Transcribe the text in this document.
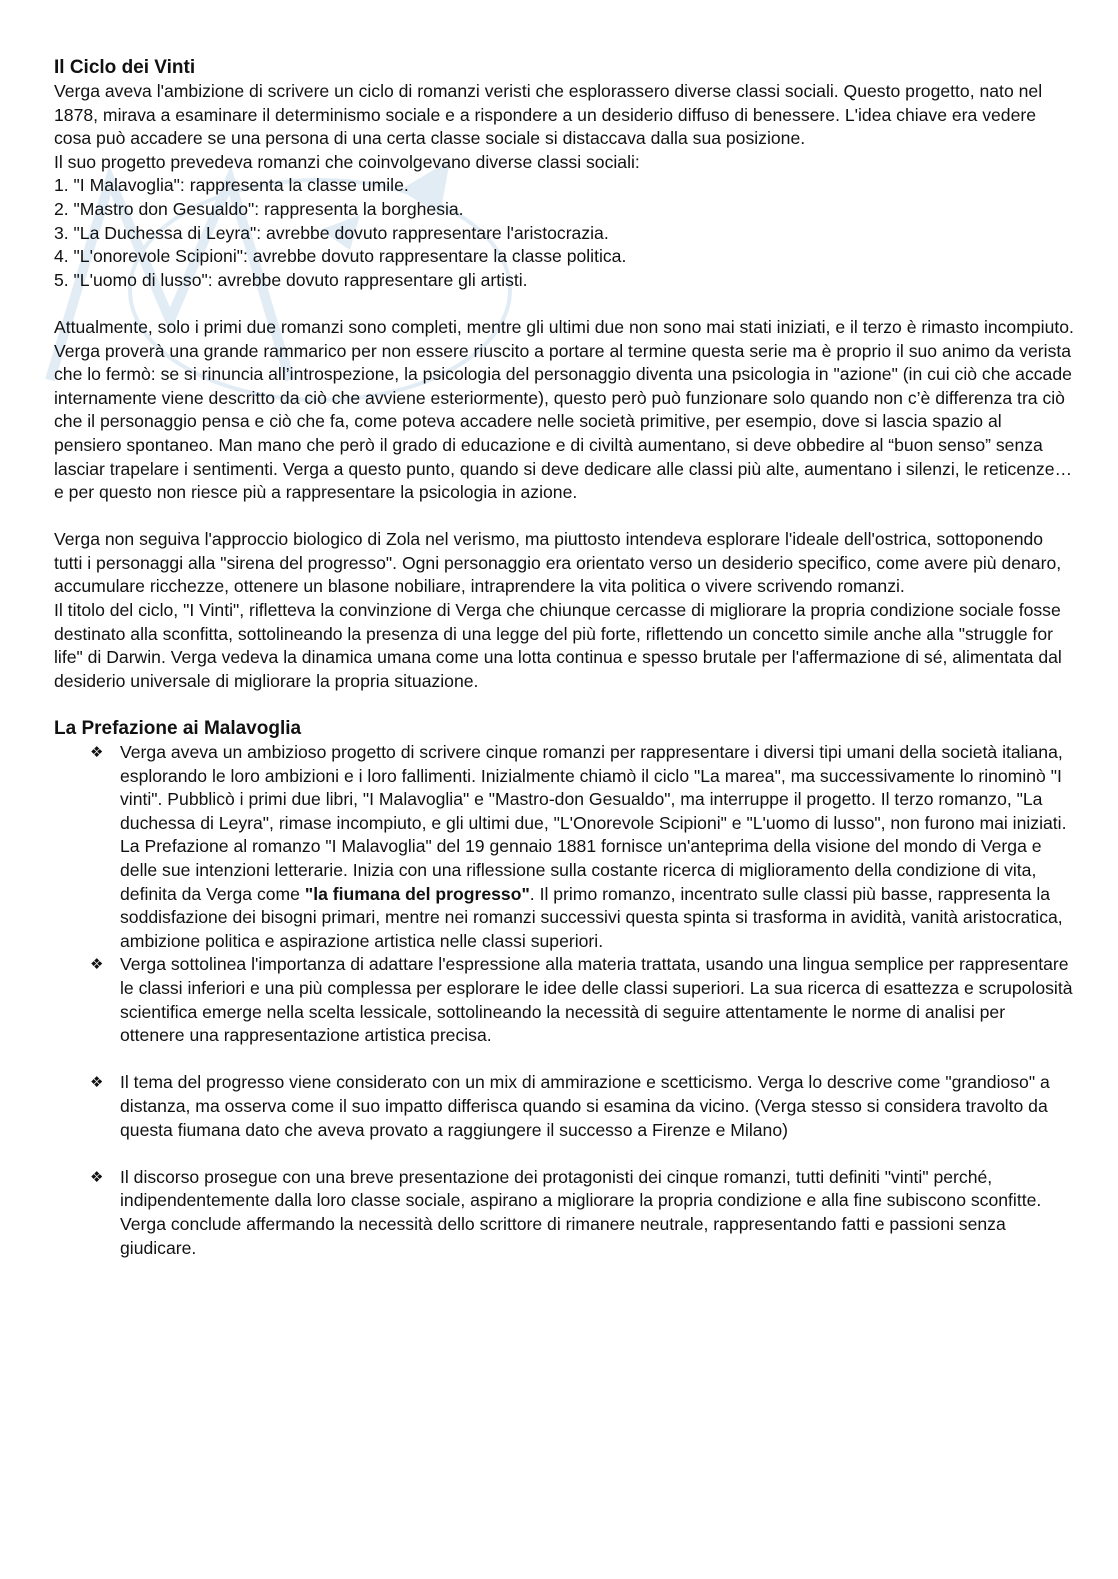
Il Ciclo dei Vinti

Verga aveva l'ambizione di scrivere un ciclo di romanzi veristi che esplorassero diverse classi sociali. Questo progetto, nato nel 1878, mirava a esaminare il determinismo sociale e a rispondere a un desiderio diffuso di benessere. L'idea chiave era vedere cosa può accadere se una persona di una certa classe sociale si distaccava dalla sua posizione.

Il suo progetto prevedeva romanzi che coinvolgevano diverse classi sociali:

1. "I Malavoglia": rappresenta la classe umile.
2. "Mastro don Gesualdo": rappresenta la borghesia.
3. "La Duchessa di Leyra": avrebbe dovuto rappresentare l'aristocrazia.
4. "L'onorevole Scipioni": avrebbe dovuto rappresentare la classe politica.
5. "L'uomo di lusso": avrebbe dovuto rappresentare gli artisti.

Attualmente, solo i primi due romanzi sono completi, mentre gli ultimi due non sono mai stati iniziati, e il terzo è rimasto incompiuto. Verga proverà una grande rammarico per non essere riuscito a portare al termine questa serie ma è proprio il suo animo da verista che lo fermò: se si rinuncia all’introspezione, la psicologia del personaggio diventa una psicologia in "azione" (in cui ciò che accade internamente viene descritto da ciò che avviene esteriormente), questo però può funzionare solo quando non c’è differenza tra ciò che il personaggio pensa e ciò che fa, come poteva accadere nelle società primitive, per esempio, dove si lascia spazio al pensiero spontaneo. Man mano che però il grado di educazione e di civiltà aumentano, si deve obbedire al “buon senso” senza lasciar trapelare i sentimenti. Verga a questo punto, quando si deve dedicare alle classi più alte, aumentano i silenzi, le reticenze… e per questo non riesce più a rappresentare la psicologia in azione.

Verga non seguiva l'approccio biologico di Zola nel verismo, ma piuttosto intendeva esplorare l'ideale dell'ostrica, sottoponendo tutti i personaggi alla "sirena del progresso". Ogni personaggio era orientato verso un desiderio specifico, come avere più denaro, accumulare ricchezze, ottenere un blasone nobiliare, intraprendere la vita politica o vivere scrivendo romanzi.

Il titolo del ciclo, "I Vinti", rifletteva la convinzione di Verga che chiunque cercasse di migliorare la propria condizione sociale fosse destinato alla sconfitta, sottolineando la presenza di una legge del più forte, riflettendo un concetto simile anche alla "struggle for life" di Darwin. Verga vedeva la dinamica umana come una lotta continua e spesso brutale per l'affermazione di sé, alimentata dal desiderio universale di migliorare la propria situazione.

La Prefazione ai Malavoglia
❖ Verga aveva un ambizioso progetto di scrivere cinque romanzi per rappresentare i diversi tipi umani della società italiana, esplorando le loro ambizioni e i loro fallimenti. Inizialmente chiamò il ciclo "La marea", ma successivamente lo rinominò "I vinti". Pubblicò i primi due libri, "I Malavoglia" e "Mastro-don Gesualdo", ma interruppe il progetto. Il terzo romanzo, "La duchessa di Leyra", rimase incompiuto, e gli ultimi due, "L'Onorevole Scipioni" e "L'uomo di lusso", non furono mai iniziati.

La Prefazione al romanzo "I Malavoglia" del 19 gennaio 1881 fornisce un'anteprima della visione del mondo di Verga e delle sue intenzioni letterarie. Inizia con una riflessione sulla costante ricerca di miglioramento della condizione di vita, definita da Verga come "la fiumana del progresso". Il primo romanzo, incentrato sulle classi più basse, rappresenta la soddisfazione dei bisogni primari, mentre nei romanzi successivi questa spinta si trasforma in avidità, vanità aristocratica, ambizione politica e aspirazione artistica nelle classi superiori.

❖ Verga sottolinea l'importanza di adattare l'espressione alla materia trattata, usando una lingua semplice per rappresentare le classi inferiori e una più complessa per esplorare le idee delle classi superiori. La sua ricerca di esattezza e scrupolosità scientifica emerge nella scelta lessicale, sottolineando la necessità di seguire attentamente le norme di analisi per ottenere una rappresentazione artistica precisa.

❖ Il tema del progresso viene considerato con un mix di ammirazione e scetticismo. Verga lo descrive come "grandioso" a distanza, ma osserva come il suo impatto differisca quando si esamina da vicino. (Verga stesso si considera travolto da questa fiumana dato che aveva provato a raggiungere il successo a Firenze e Milano)

❖ Il discorso prosegue con una breve presentazione dei protagonisti dei cinque romanzi, tutti definiti "vinti" perché, indipendentemente dalla loro classe sociale, aspirano a migliorare la propria condizione e alla fine subiscono sconfitte. Verga conclude affermando la necessità dello scrittore di rimanere neutrale, rappresentando fatti e passioni senza giudicare.
